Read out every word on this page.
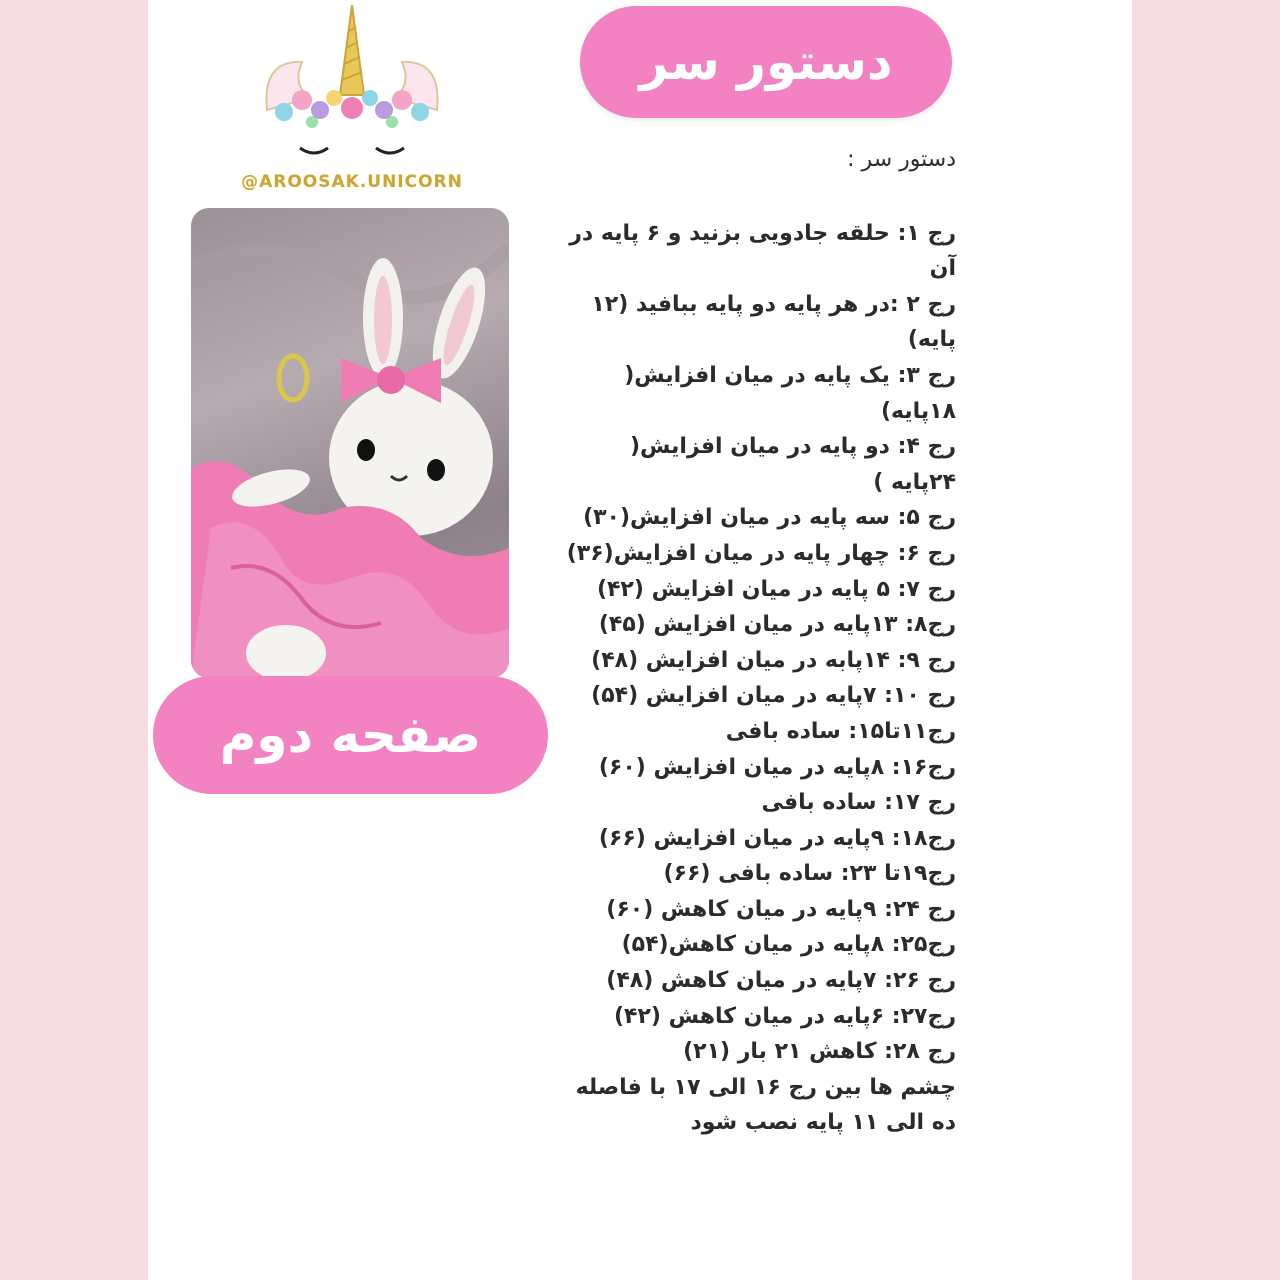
@AROOSAK.UNICORN
دستور سر
صفحه دوم
دستور سر :
رج ۱: حلقه جادویی بزنید و ۶ پایه در آن
رج ۲ :در هر پایه دو پایه ببافید (۱۲ پایه)
رج ۳: یک پایه در میان افزایش( ۱۸پایه)
رج ۴: دو پایه در میان افزایش( ۲۴پایه )
رج ۵: سه پایه در میان افزایش(۳۰)
رج ۶: چهار پایه در میان افزایش(۳۶)
رج ۷: ۵ پایه در میان افزایش (۴۲)
رج۸: ۱۳پایه در میان افزایش (۴۵)
رج ۹: ۱۴پابه در میان افزایش (۴۸)
رج ۱۰: ۷پایه در میان افزایش (۵۴)
رج۱۱تا۱۵: ساده بافی
رج۱۶: ۸پایه در میان افزایش (۶۰)
رج ۱۷: ساده بافی
رج۱۸: ۹پایه در میان افزایش (۶۶)
رج۱۹تا ۲۳: ساده بافی (۶۶)
رج ۲۴: ۹پایه در میان کاهش (۶۰)
رج۲۵: ۸پایه در میان کاهش(۵۴)
رج ۲۶: ۷پایه در میان کاهش (۴۸)
رج۲۷: ۶پایه در میان کاهش (۴۲)
رج ۲۸: کاهش ۲۱ بار (۲۱)
چشم ها بین رج ۱۶ الی ۱۷ با فاصله ده الی ۱۱ پایه نصب شود
